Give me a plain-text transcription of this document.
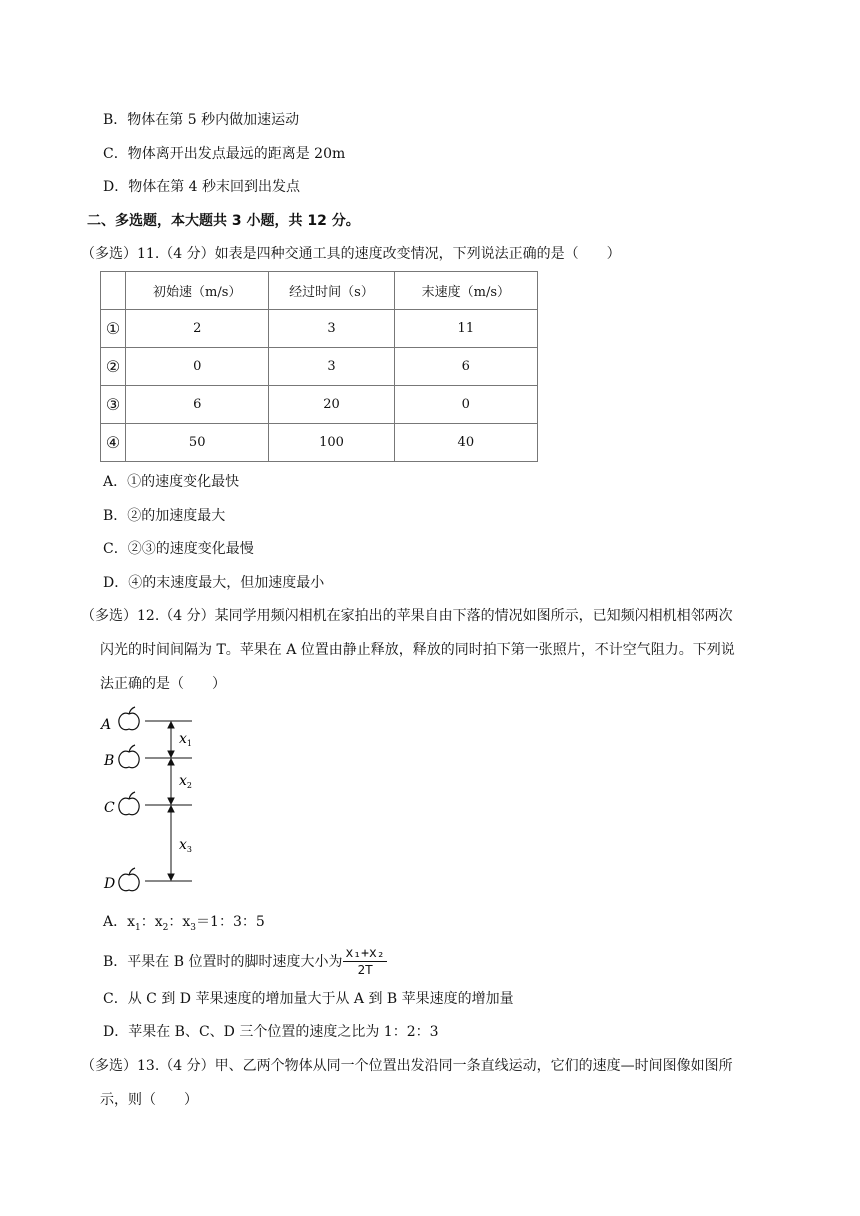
B．物体在第 5 秒内做加速运动
C．物体离开出发点最远的距离是 20m
D．物体在第 4 秒末回到出发点
二、多选题，本大题共 3 小题，共 12 分。
（多选）11.（4 分）如表是四种交通工具的速度改变情况，下列说法正确的是（　　）
	初始速（m/s）	经过时间（s）	末速度（m/s）
①	2	3	11
②	0	3	6
③	6	20	0
④	50	100	40
A．①的速度变化最快
B．②的加速度最大
C．②③的速度变化最慢
D．④的末速度最大，但加速度最小
（多选）12.（4 分）某同学用频闪相机在家拍出的苹果自由下落的情况如图所示，已知频闪相机相邻两次
闪光的时间间隔为 T。苹果在 A 位置由静止释放，释放的同时拍下第一张照片，不计空气阻力。下列说
法正确的是（　　）
A
B
C
D
$x_1$
$x_2$
$x_3$
A．$x_1$：$x_2$：$x_3=1$：3：5
B．平果在 B 位置时的脚时速度大小为 $\frac{\text{x₁+x₂}}{2T}$
C．从 C 到 D 苹果速度的增加量大于从 A 到 B 苹果速度的增加量
D．苹果在 B、C、D 三个位置的速度之比为 1：2：3
（多选）13.（4 分）甲、乙两个物体从同一个位置出发沿同一条直线运动，它们的速度—时间图像如图所
示，则（　　）
